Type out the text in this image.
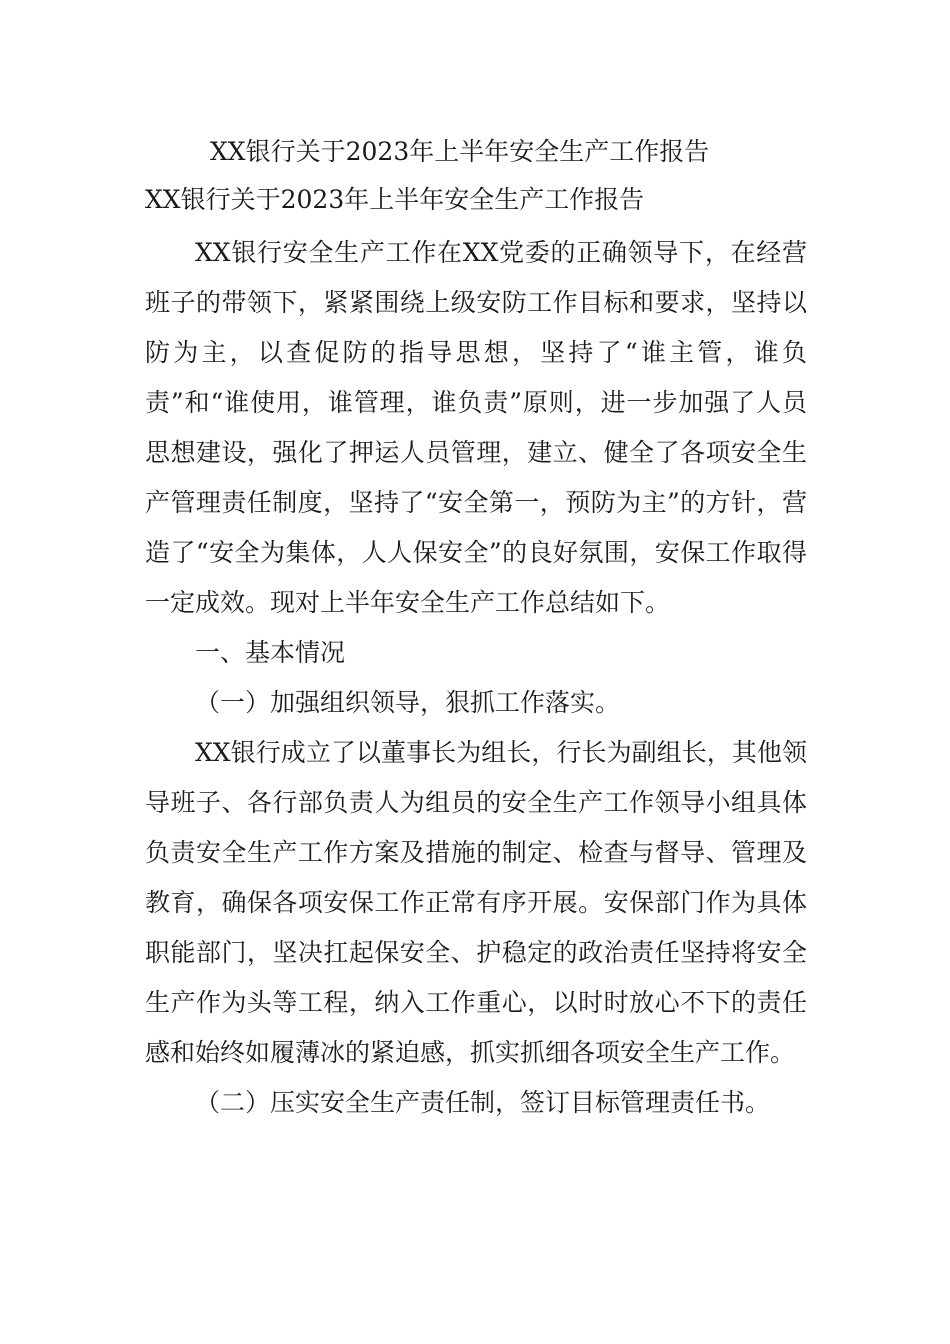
XX银行关于2023年上半年安全生产工作报告
XX银行关于2023年上半年安全生产工作报告

XX银行安全生产工作在XX党委的正确领导下，在经营班子的带领下，紧紧围绕上级安防工作目标和要求，坚持以防为主，以查促防的指导思想，坚持了“谁主管，谁负责”和“谁使用，谁管理，谁负责”原则，进一步加强了人员思想建设，强化了押运人员管理，建立、健全了各项安全生产管理责任制度，坚持了“安全第一，预防为主”的方针，营造了“安全为集体，人人保安全”的良好氛围，安保工作取得一定成效。现对上半年安全生产工作总结如下。

一、基本情况

（一）加强组织领导，狠抓工作落实。

XX银行成立了以董事长为组长，行长为副组长，其他领导班子、各行部负责人为组员的安全生产工作领导小组具体负责安全生产工作方案及措施的制定、检查与督导、管理及教育，确保各项安保工作正常有序开展。安保部门作为具体职能部门，坚决扛起保安全、护稳定的政治责任坚持将安全生产作为头等工程，纳入工作重心，以时时放心不下的责任感和始终如履薄冰的紧迫感，抓实抓细各项安全生产工作。

（二）压实安全生产责任制，签订目标管理责任书。
